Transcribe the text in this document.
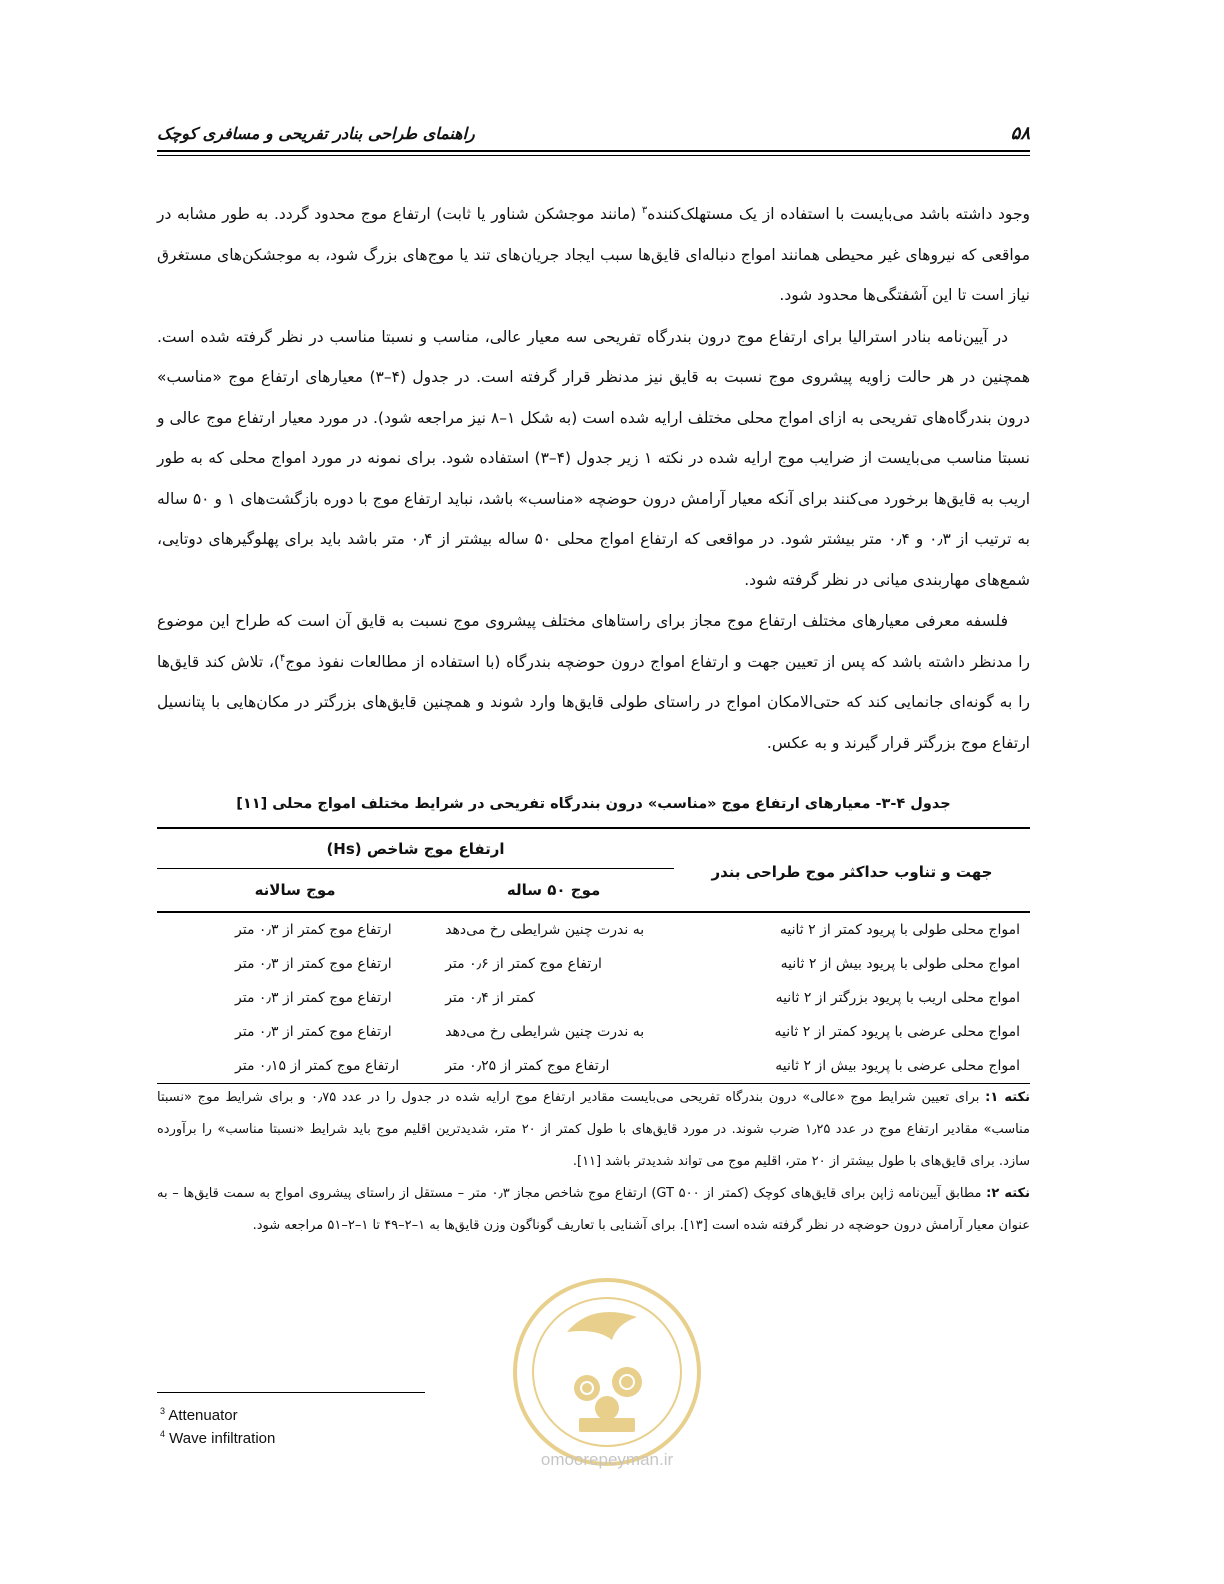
۵۸
راهنمای طراحی بنادر تفریحی و مسافری کوچک

وجود داشته باشد می‌بایست با استفاده از یک مستهلک‌کننده$^۳$ (مانند موجشکن شناور یا ثابت) ارتفاع موج محدود گردد. به طور مشابه در مواقعی که نیروهای غیر محیطی همانند امواج دنباله‌ای قایق‌ها سبب ایجاد جریان‌های تند یا موج‌های بزرگ شود، به موجشکن‌های مستغرق نیاز است تا این آشفتگی‌ها محدود شود.

در آیین‌نامه بنادر استرالیا برای ارتفاع موج درون بندرگاه تفریحی سه معیار عالی، مناسب و نسبتا مناسب در نظر گرفته شده است. همچنین در هر حالت زاویه پیشروی موج نسبت به قایق نیز مدنظر قرار گرفته است. در جدول (۴–۳) معیارهای ارتفاع موج «مناسب» درون بندرگاه‌های تفریحی به ازای امواج محلی مختلف ارایه شده است (به شکل ۱–۸ نیز مراجعه شود). در مورد معیار ارتفاع موج عالی و نسبتا مناسب می‌بایست از ضرایب موج ارایه شده در نکته ۱ زیر جدول (۴–۳) استفاده شود. برای نمونه در مورد امواج محلی که به طور اریب به قایق‌ها برخورد می‌کنند برای آنکه معیار آرامش درون حوضچه «مناسب» باشد، نباید ارتفاع موج با دوره بازگشت‌های ۱ و ۵۰ ساله به ترتیب از ۰٫۳ و ۰٫۴ متر بیشتر شود. در مواقعی که ارتفاع امواج محلی ۵۰ ساله بیشتر از ۰٫۴ متر باشد باید برای پهلوگیرهای دوتایی، شمع‌های مهاربندی میانی در نظر گرفته شود.

فلسفه معرفی معیارهای مختلف ارتفاع موج مجاز برای راستاهای مختلف پیشروی موج نسبت به قایق آن است که طراح این موضوع را مدنظر داشته باشد که پس از تعیین جهت و ارتفاع امواج درون حوضچه بندرگاه (با استفاده از مطالعات نفوذ موج$^۴$)، تلاش کند قایق‌ها را به گونه‌ای جانمایی کند که حتی‌الامکان امواج در راستای طولی قایق‌ها وارد شوند و همچنین قایق‌های بزرگتر در مکان‌هایی با پتانسیل ارتفاع موج بزرگتر قرار گیرند و به عکس.

جدول ۴-۳- معیارهای ارتفاع موج «مناسب» درون بندرگاه تفریحی در شرایط مختلف امواج محلی [۱۱]
جهت و تناوب حداکثر موج طراحی بندر	ارتفاع موج شاخص (Hs)	
	موج ۵۰ ساله	موج سالانه
امواج محلی طولی با پریود کمتر از ۲ ثانیه	به ندرت چنین شرایطی رخ می‌دهد	ارتفاع موج کمتر از ۰٫۳ متر
امواج محلی طولی با پریود بیش از ۲ ثانیه	ارتفاع موج کمتر از ۰٫۶ متر	ارتفاع موج کمتر از ۰٫۳ متر
امواج محلی اریب با پریود بزرگتر از ۲ ثانیه	کمتر از ۰٫۴ متر	ارتفاع موج کمتر از ۰٫۳ متر
امواج محلی عرضی با پریود کمتر از ۲ ثانیه	به ندرت چنین شرایطی رخ می‌دهد	ارتفاع موج کمتر از ۰٫۳ متر
امواج محلی عرضی با پریود بیش از ۲ ثانیه	ارتفاع موج کمتر از ۰٫۲۵ متر	ارتفاع موج کمتر از ۰٫۱۵ متر

نکته ۱: برای تعیین شرایط موج «عالی» درون بندرگاه تفریحی می‌بایست مقادیر ارتفاع موج ارایه شده در جدول را در عدد ۰٫۷۵ و برای شرایط موج «نسبتا مناسب» مقادیر ارتفاع موج در عدد ۱٫۲۵ ضرب شوند. در مورد قایق‌های با طول کمتر از ۲۰ متر، شدیدترین اقلیم موج باید شرایط «نسبتا مناسب» را برآورده سازد. برای قایق‌های با طول بیشتر از ۲۰ متر، اقلیم موج می تواند شدیدتر باشد [۱۱].

نکته ۲: مطابق آیین‌نامه ژاپن برای قایق‌های کوچک (کمتر از ۵۰۰ GT) ارتفاع موج شاخص مجاز ۰٫۳ متر – مستقل از راستای پیشروی امواج به سمت قایق‌ها – به عنوان معیار آرامش درون حوضچه در نظر گرفته شده است [۱۳]. برای آشنایی با تعاریف گوناگون وزن قایق‌ها به ۱–۲–۴۹ تا ۱–۲–۵۱ مراجعه شود.

omoorepeyman.ir
$^3$ Attenuator
$^4$ Wave infiltration
